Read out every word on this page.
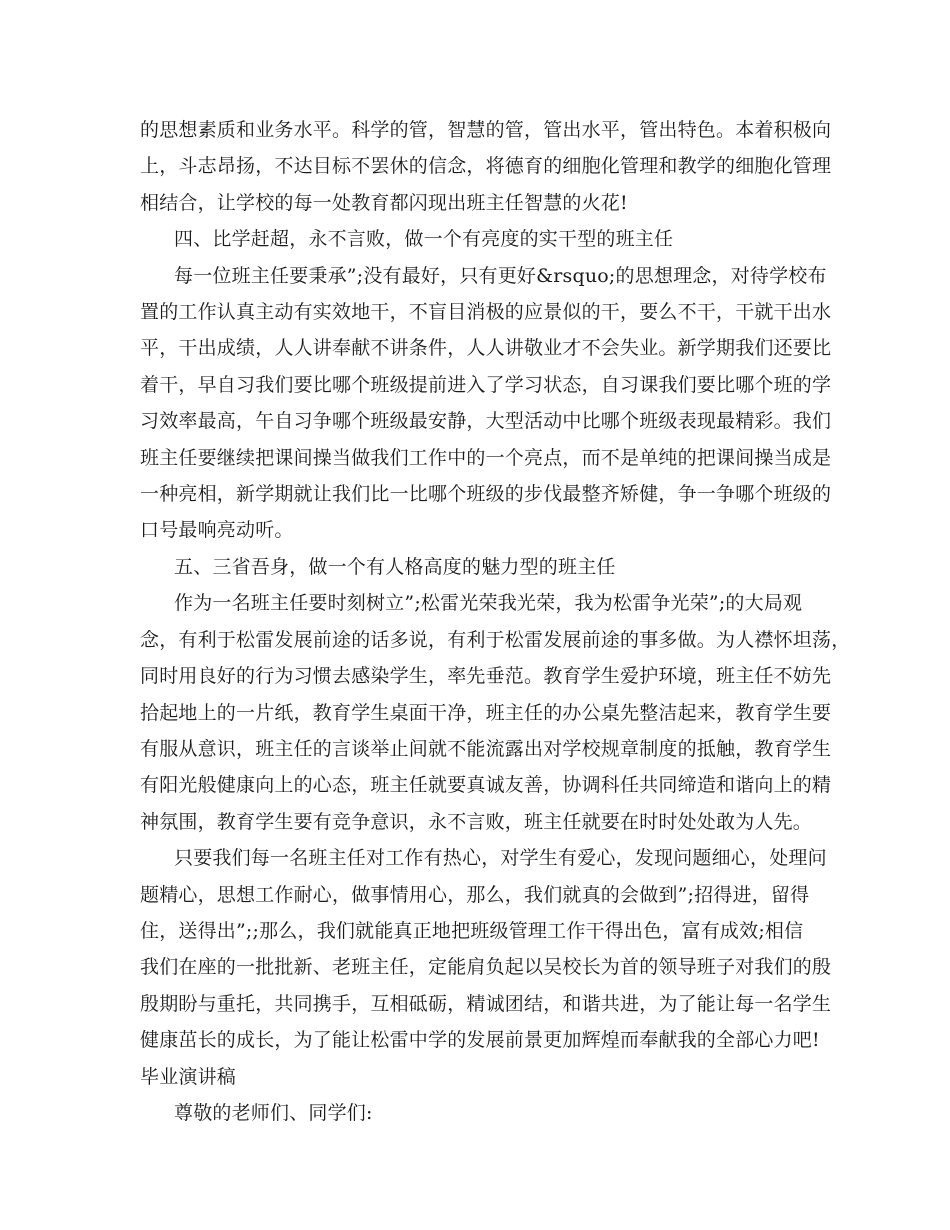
的思想素质和业务水平。科学的管，智慧的管，管出水平，管出特色。本着积极向
上，斗志昂扬，不达目标不罢休的信念，将德育的细胞化管理和教学的细胞化管理
相结合，让学校的每一处教育都闪现出班主任智慧的火花!
四、比学赶超，永不言败，做一个有亮度的实干型的班主任
每一位班主任要秉承”;没有最好，只有更好&rsquo;的思想理念，对待学校布
置的工作认真主动有实效地干，不盲目消极的应景似的干，要么不干，干就干出水
平，干出成绩，人人讲奉献不讲条件，人人讲敬业才不会失业。新学期我们还要比
着干，早自习我们要比哪个班级提前进入了学习状态，自习课我们要比哪个班的学
习效率最高，午自习争哪个班级最安静，大型活动中比哪个班级表现最精彩。我们
班主任要继续把课间操当做我们工作中的一个亮点，而不是单纯的把课间操当成是
一种亮相，新学期就让我们比一比哪个班级的步伐最整齐矫健，争一争哪个班级的
口号最响亮动听。
五、三省吾身，做一个有人格高度的魅力型的班主任
作为一名班主任要时刻树立”;松雷光荣我光荣，我为松雷争光荣”;的大局观
念，有利于松雷发展前途的话多说，有利于松雷发展前途的事多做。为人襟怀坦荡，
同时用良好的行为习惯去感染学生，率先垂范。教育学生爱护环境，班主任不妨先
拾起地上的一片纸，教育学生桌面干净，班主任的办公桌先整洁起来，教育学生要
有服从意识，班主任的言谈举止间就不能流露出对学校规章制度的抵触，教育学生
有阳光般健康向上的心态，班主任就要真诚友善，协调科任共同缔造和谐向上的精
神氛围，教育学生要有竞争意识，永不言败，班主任就要在时时处处敢为人先。
只要我们每一名班主任对工作有热心，对学生有爱心，发现问题细心，处理问
题精心，思想工作耐心，做事情用心，那么，我们就真的会做到”;招得进，留得
住，送得出”;;那么，我们就能真正地把班级管理工作干得出色，富有成效;相信
我们在座的一批批新、老班主任，定能肩负起以吴校长为首的领导班子对我们的殷
殷期盼与重托，共同携手，互相砥砺，精诚团结，和谐共进，为了能让每一名学生
健康茁长的成长，为了能让松雷中学的发展前景更加辉煌而奉献我的全部心力吧!
毕业演讲稿
尊敬的老师们、同学们:
